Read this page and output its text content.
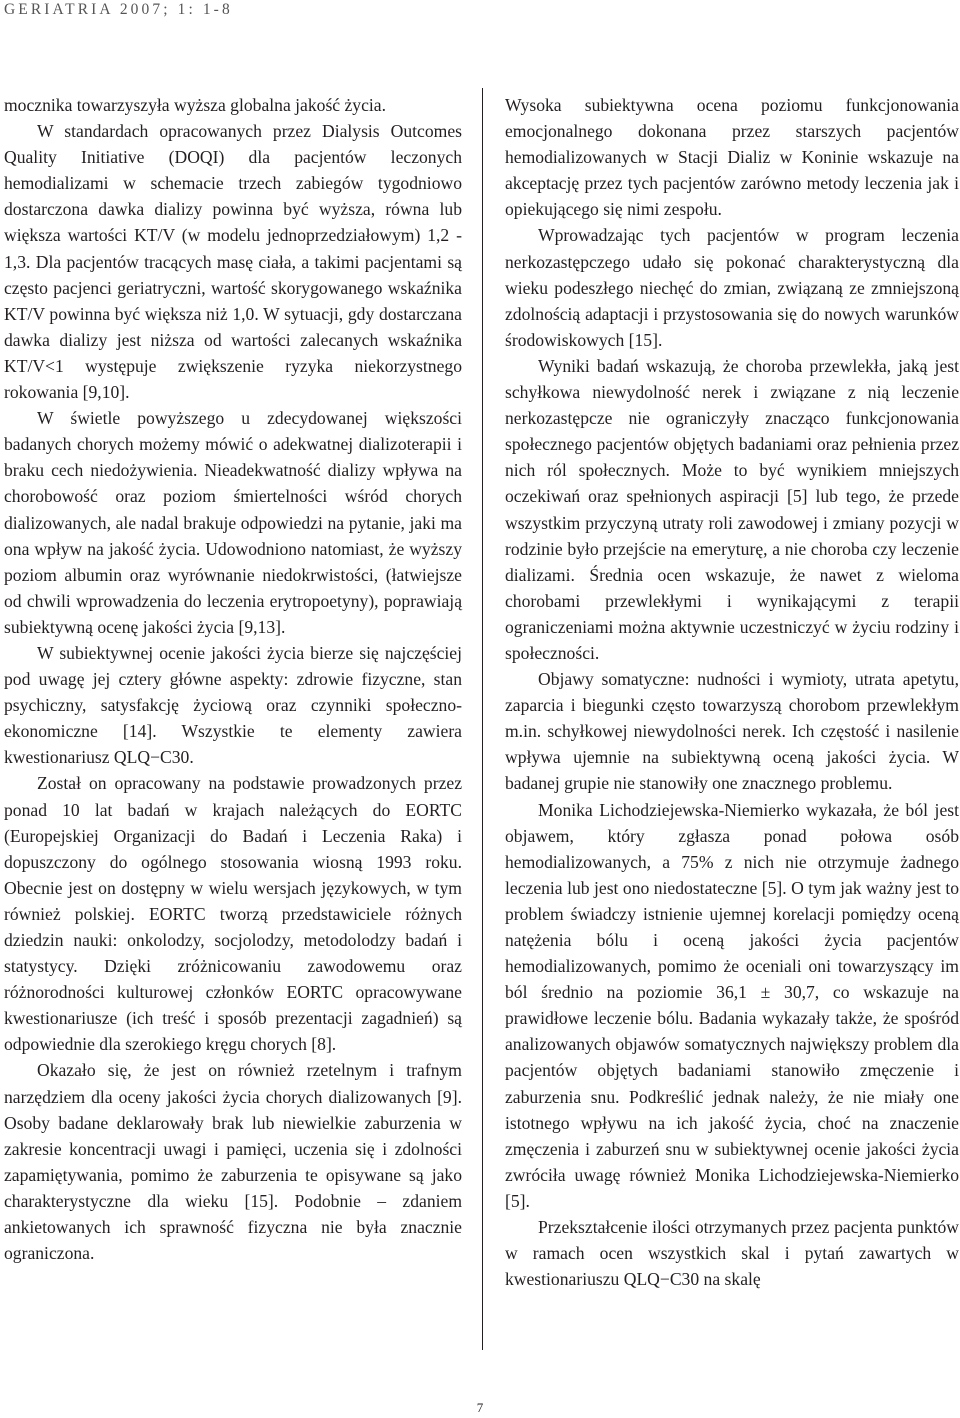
GERIATRIA 2007; 1: 1-8

mocznika towarzyszyła wyższa globalna jakość życia.

W standardach opracowanych przez Dialysis Outcomes Quality Initiative (DOQI) dla pacjentów leczonych hemodializami w schemacie trzech zabiegów tygodniowo dostarczona dawka dializy powinna być wyższa, równa lub większa wartości KT/V (w modelu jednoprzedziałowym) 1,2 - 1,3. Dla pacjentów tracących masę ciała, a takimi pacjentami są często pacjenci geriatryczni, wartość skorygowanego wskaźnika KT/V powinna być większa niż 1,0. W sytuacji, gdy dostarczana dawka dializy jest niższa od wartości zalecanych wskaźnika KT/V<1 występuje zwiększenie ryzyka niekorzystnego rokowania [9,10].

W świetle powyższego u zdecydowanej większości badanych chorych możemy mówić o adekwatnej dializoterapii i braku cech niedożywienia. Nieadekwatność dializy wpływa na chorobowość oraz poziom śmiertelności wśród chorych dializowanych, ale nadal brakuje odpowiedzi na pytanie, jaki ma ona wpływ na jakość życia. Udowodniono natomiast, że wyższy poziom albumin oraz wyrównanie niedokrwistości, (łatwiejsze od chwili wprowadzenia do leczenia erytropoetyny), poprawiają subiektywną ocenę jakości życia [9,13].

W subiektywnej ocenie jakości życia bierze się najczęściej pod uwagę jej cztery główne aspekty: zdrowie fizyczne, stan psychiczny, satysfakcję życiową oraz czynniki społeczno-ekonomiczne [14]. Wszystkie te elementy zawiera kwestionariusz QLQ−C30.

Został on opracowany na podstawie prowadzonych przez ponad 10 lat badań w krajach należących do EORTC (Europejskiej Organizacji do Badań i Leczenia Raka) i dopuszczony do ogólnego stosowania wiosną 1993 roku. Obecnie jest on dostępny w wielu wersjach językowych, w tym również polskiej. EORTC tworzą przedstawiciele różnych dziedzin nauki: onkolodzy, socjolodzy, metodolodzy badań i statystycy. Dzięki zróżnicowaniu zawodowemu oraz różnorodności kulturowej członków EORTC opracowywane kwestionariusze (ich treść i sposób prezentacji zagadnień) są odpowiednie dla szerokiego kręgu chorych [8].

Okazało się, że jest on również rzetelnym i trafnym narzędziem dla oceny jakości życia chorych dializowanych [9]. Osoby badane deklarowały brak lub niewielkie zaburzenia w zakresie koncentracji uwagi i pamięci, uczenia się i zdolności zapamiętywania, pomimo że zaburzenia te opisywane są jako charakterystyczne dla wieku [15]. Podobnie – zdaniem ankietowanych ich sprawność fizyczna nie była znacznie ograniczona.

Wysoka subiektywna ocena poziomu funkcjonowania emocjonalnego dokonana przez starszych pacjentów hemodializowanych w Stacji Dializ w Koninie wskazuje na akceptację przez tych pacjentów zarówno metody leczenia jak i opiekującego się nimi zespołu.

Wprowadzając tych pacjentów w program leczenia nerkozastępczego udało się pokonać charakterystyczną dla wieku podeszłego niechęć do zmian, związaną ze zmniejszoną zdolnością adaptacji i przystosowania się do nowych warunków środowiskowych [15].

Wyniki badań wskazują, że choroba przewlekła, jaką jest schyłkowa niewydolność nerek i związane z nią leczenie nerkozastępcze nie ograniczyły znacząco funkcjonowania społecznego pacjentów objętych badaniami oraz pełnienia przez nich ról społecznych. Może to być wynikiem mniejszych oczekiwań oraz spełnionych aspiracji [5] lub tego, że przede wszystkim przyczyną utraty roli zawodowej i zmiany pozycji w rodzinie było przejście na emeryturę, a nie choroba czy leczenie dializami. Średnia ocen wskazuje, że nawet z wieloma chorobami przewlekłymi i wynikającymi z terapii ograniczeniami można aktywnie uczestniczyć w życiu rodziny i społeczności.

Objawy somatyczne: nudności i wymioty, utrata apetytu, zaparcia i biegunki często towarzyszą chorobom przewlekłym m.in. schyłkowej niewydolności nerek. Ich częstość i nasilenie wpływa ujemnie na subiektywną oceną jakości życia. W badanej grupie nie stanowiły one znacznego problemu.

Monika Lichodziejewska-Niemierko wykazała, że ból jest objawem, który zgłasza ponad połowa osób hemodializowanych, a 75% z nich nie otrzymuje żadnego leczenia lub jest ono niedostateczne [5]. O tym jak ważny jest to problem świadczy istnienie ujemnej korelacji pomiędzy oceną natężenia bólu i oceną jakości życia pacjentów hemodializowanych, pomimo że oceniali oni towarzyszący im ból średnio na poziomie 36,1 ± 30,7, co wskazuje na prawidłowe leczenie bólu. Badania wykazały także, że spośród analizowanych objawów somatycznych największy problem dla pacjentów objętych badaniami stanowiło zmęczenie i zaburzenia snu. Podkreślić jednak należy, że nie miały one istotnego wpływu na ich jakość życia, choć na znaczenie zmęczenia i zaburzeń snu w subiektywnej ocenie jakości życia zwróciła uwagę również Monika Lichodziejewska-Niemierko [5].

Przekształcenie ilości otrzymanych przez pacjenta punktów w ramach ocen wszystkich skal i pytań zawartych w kwestionariuszu QLQ−C30 na skalę

7
